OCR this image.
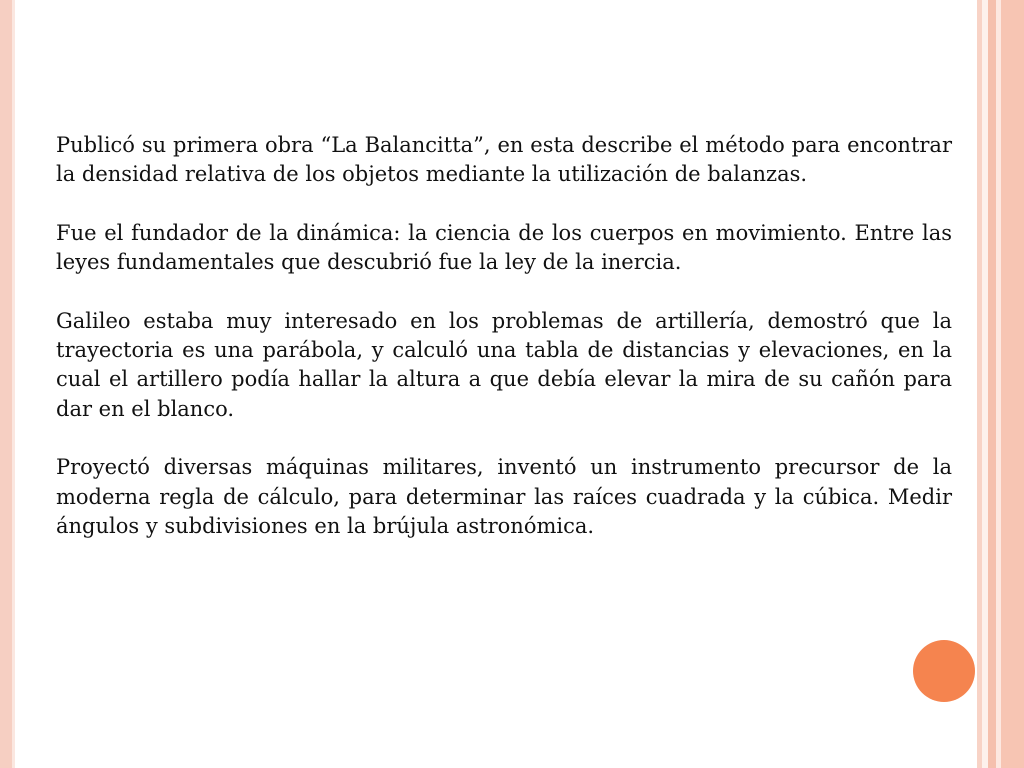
Publicó su primera obra “La Balancitta”, en esta describe el método para encontrar la densidad relativa de los objetos mediante la utilización de balanzas.

Fue el fundador de la dinámica: la ciencia de los cuerpos en movimiento. Entre las leyes fundamentales que descubrió fue la ley de la inercia.

Galileo estaba muy interesado en los problemas de artillería, demostró que la trayectoria es una parábola, y calculó una tabla de distancias y elevaciones, en la cual el artillero podía hallar la altura a que debía elevar la mira de su cañón para dar en el blanco.

Proyectó diversas máquinas militares, inventó un instrumento precursor de la moderna regla de cálculo, para determinar las raíces cuadrada y la cúbica. Medir ángulos y subdivisiones en la brújula astronómica.
